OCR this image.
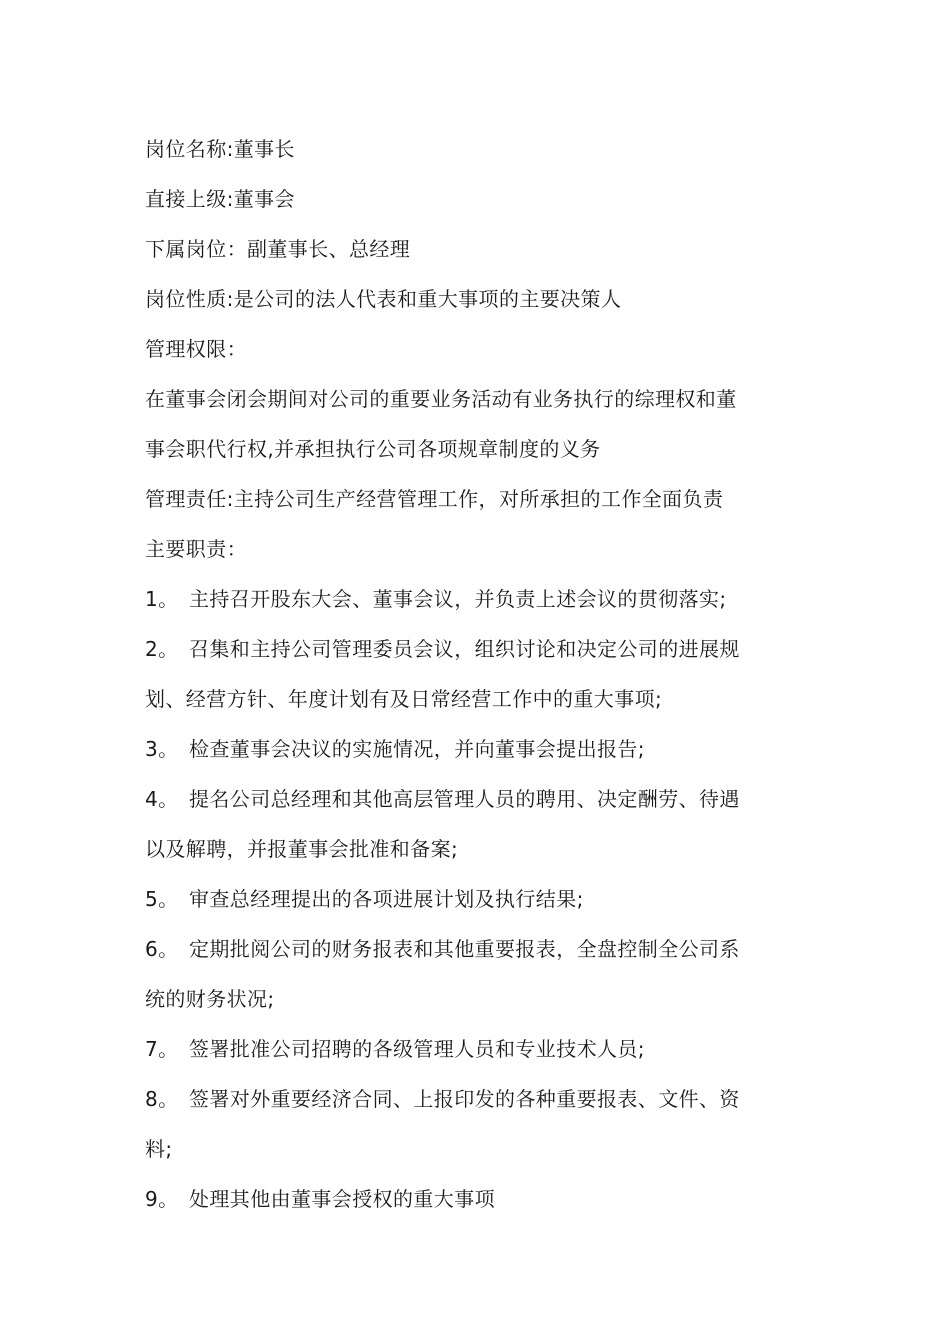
岗位名称:董事长
直接上级:董事会
下属岗位：副董事长、总经理
岗位性质:是公司的法人代表和重大事项的主要决策人
管理权限：
在董事会闭会期间对公司的重要业务活动有业务执行的综理权和董
事会职代行权,并承担执行公司各项规章制度的义务
管理责任:主持公司生产经营管理工作，对所承担的工作全面负责
主要职责：
1。 主持召开股东大会、董事会议，并负责上述会议的贯彻落实;
2。 召集和主持公司管理委员会议，组织讨论和决定公司的进展规
划、经营方针、年度计划有及日常经营工作中的重大事项;
3。 检查董事会决议的实施情况，并向董事会提出报告;
4。 提名公司总经理和其他高层管理人员的聘用、决定酬劳、待遇
以及解聘，并报董事会批准和备案;
5。 审查总经理提出的各项进展计划及执行结果;
6。 定期批阅公司的财务报表和其他重要报表，全盘控制全公司系
统的财务状况;
7。 签署批准公司招聘的各级管理人员和专业技术人员;
8。 签署对外重要经济合同、上报印发的各种重要报表、文件、资
料;
9。 处理其他由董事会授权的重大事项
